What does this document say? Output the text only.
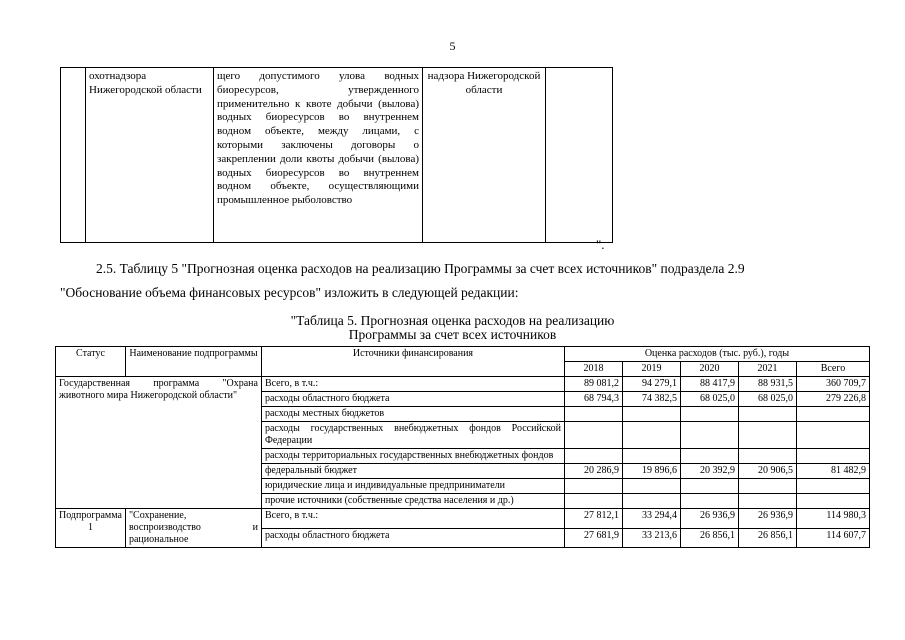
5
	охотнадзора Нижегородской области	щего допустимого улова водных биоресурсов, утвержденного применительно к квоте добычи (вылова) водных биоресурсов во внутреннем водном объекте, между лицами, с которыми заключены договоры о закреплении доли квоты добычи (вылова) водных биоресурсов во внутреннем водном объекте, осуществляющими промышленное рыболовство	надзора Нижегородской области	
".
2.5. Таблицу 5 "Прогнозная оценка расходов на реализацию Программы за счет всех источников" подраздела 2.9
"Обоснование объема финансовых ресурсов" изложить в следующей редакции:
"Таблица 5. Прогнозная оценка расходов на реализацию
Программы за счет всех источников
Статус	Наименование подпрограммы	Источники финансирования	Оценка расходов (тыс. руб.), годы				
			2018	2019	2020	2021	Всего
Государственная программа "Охрана животного мира Нижегородской области"		Всего, в т.ч.:	89 081,2	94 279,1	88 417,9	88 931,5	360 709,7
		расходы областного бюджета	68 794,3	74 382,5	68 025,0	68 025,0	279 226,8
		расходы местных бюджетов					
		расходы государственных внебюджетных фондов Российской Федерации					
		расходы территориальных государственных внебюджетных фондов					
		федеральный бюджет	20 286,9	19 896,6	20 392,9	20 906,5	81 482,9
		юридические лица и индивидуальные предприниматели					
		прочие источники (собственные средства населения и др.)					
Подпрограмма 1	"Сохранение, воспроизводство и рациональное	Всего, в т.ч.:	27 812,1	33 294,4	26 936,9	26 936,9	114 980,3
		расходы областного бюджета	27 681,9	33 213,6	26 856,1	26 856,1	114 607,7
